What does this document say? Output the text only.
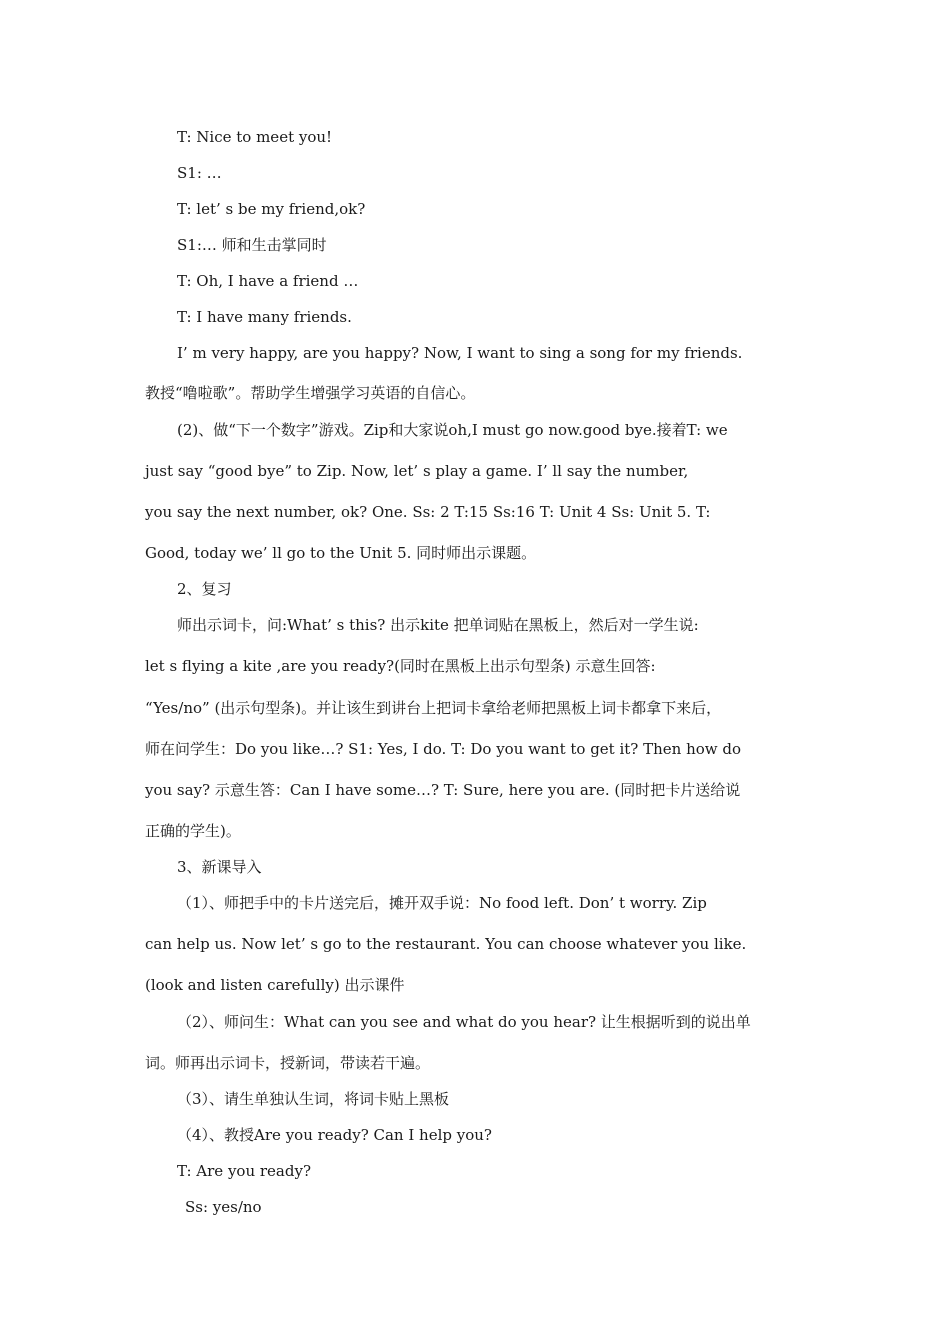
T: Nice to meet you!
S1: …
T: let’ s be my friend,ok?
S1:… 师和生击掌同时
T: Oh, I have a friend …
T: I have many friends.
I’ m very happy, are you happy? Now, I want to sing a song for my friends.
教授“噜啦歌”。帮助学生增强学习英语的自信心。
(2)、做“下一个数字”游戏。Zip和大家说oh,I must go now.good bye.接着T: we
just say “good bye” to Zip. Now, let’ s play a game. I’ ll say the number,
you say the next number, ok? One. Ss: 2 T:15 Ss:16 T: Unit 4 Ss: Unit 5. T:
Good, today we’ ll go to the Unit 5. 同时师出示课题。
2、复习
师出示词卡，问:What’ s this? 出示kite 把单词贴在黑板上，然后对一学生说:
let s flying a kite ,are you ready?(同时在黑板上出示句型条) 示意生回答:
“Yes/no” (出示句型条)。并让该生到讲台上把词卡拿给老师把黑板上词卡都拿下来后，
师在问学生：Do you like…? S1: Yes, I do. T: Do you want to get it? Then how do
you say? 示意生答：Can I have some…? T: Sure, here you are. (同时把卡片送给说
正确的学生)。
3、新课导入
（1）、师把手中的卡片送完后，摊开双手说：No food left. Don’ t worry. Zip
can help us. Now let’ s go to the restaurant. You can choose whatever you like.
(look and listen carefully) 出示课件
（2）、师问生：What can you see and what do you hear? 让生根据听到的说出单
词。师再出示词卡，授新词，带读若干遍。
（3）、请生单独认生词，将词卡贴上黑板
（4）、教授Are you ready? Can I help you?
T: Are you ready?
Ss: yes/no
